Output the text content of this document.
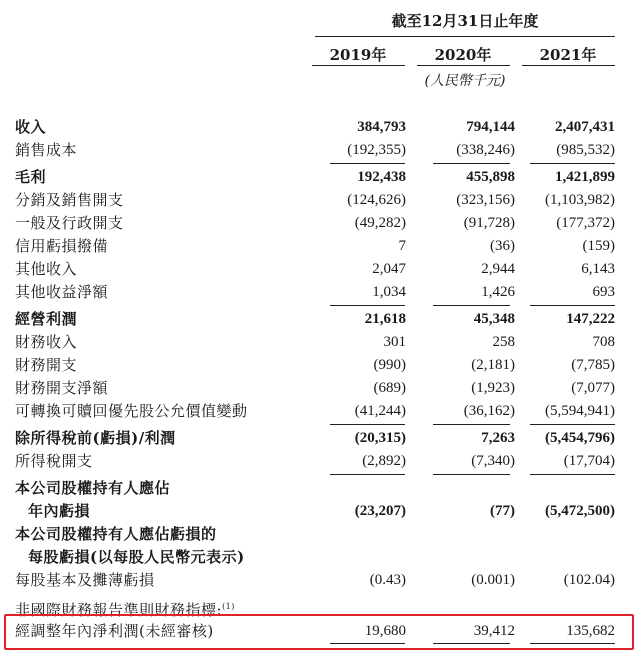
截至12月31日止年度
2019年	2020年	2021年
(人民幣千元)
收入	384,793	794,144	2,407,431
銷售成本	(192,355)	(338,246)	(985,532)
毛利	192,438	455,898	1,421,899
分銷及銷售開支	(124,626)	(323,156)	(1,103,982)
一般及行政開支	(49,282)	(91,728)	(177,372)
信用虧損撥備	7	(36)	(159)
其他收入	2,047	2,944	6,143
其他收益淨額	1,034	1,426	693
經營利潤	21,618	45,348	147,222
財務收入	301	258	708
財務開支	(990)	(2,181)	(7,785)
財務開支淨額	(689)	(1,923)	(7,077)
可轉換可贖回優先股公允價值變動	(41,244)	(36,162)	(5,594,941)
除所得稅前(虧損)/利潤	(20,315)	7,263	(5,454,796)
所得稅開支	(2,892)	(7,340)	(17,704)
本公司股權持有人應佔
年內虧損	(23,207)	(77)	(5,472,500)
本公司股權持有人應佔虧損的
每股虧損(以每股人民幣元表示)
每股基本及攤薄虧損	(0.43)	(0.001)	(102.04)
非國際財務報告準則財務指標:$^{(1)}$
經調整年內淨利潤(未經審核)	19,680	39,412	135,682
